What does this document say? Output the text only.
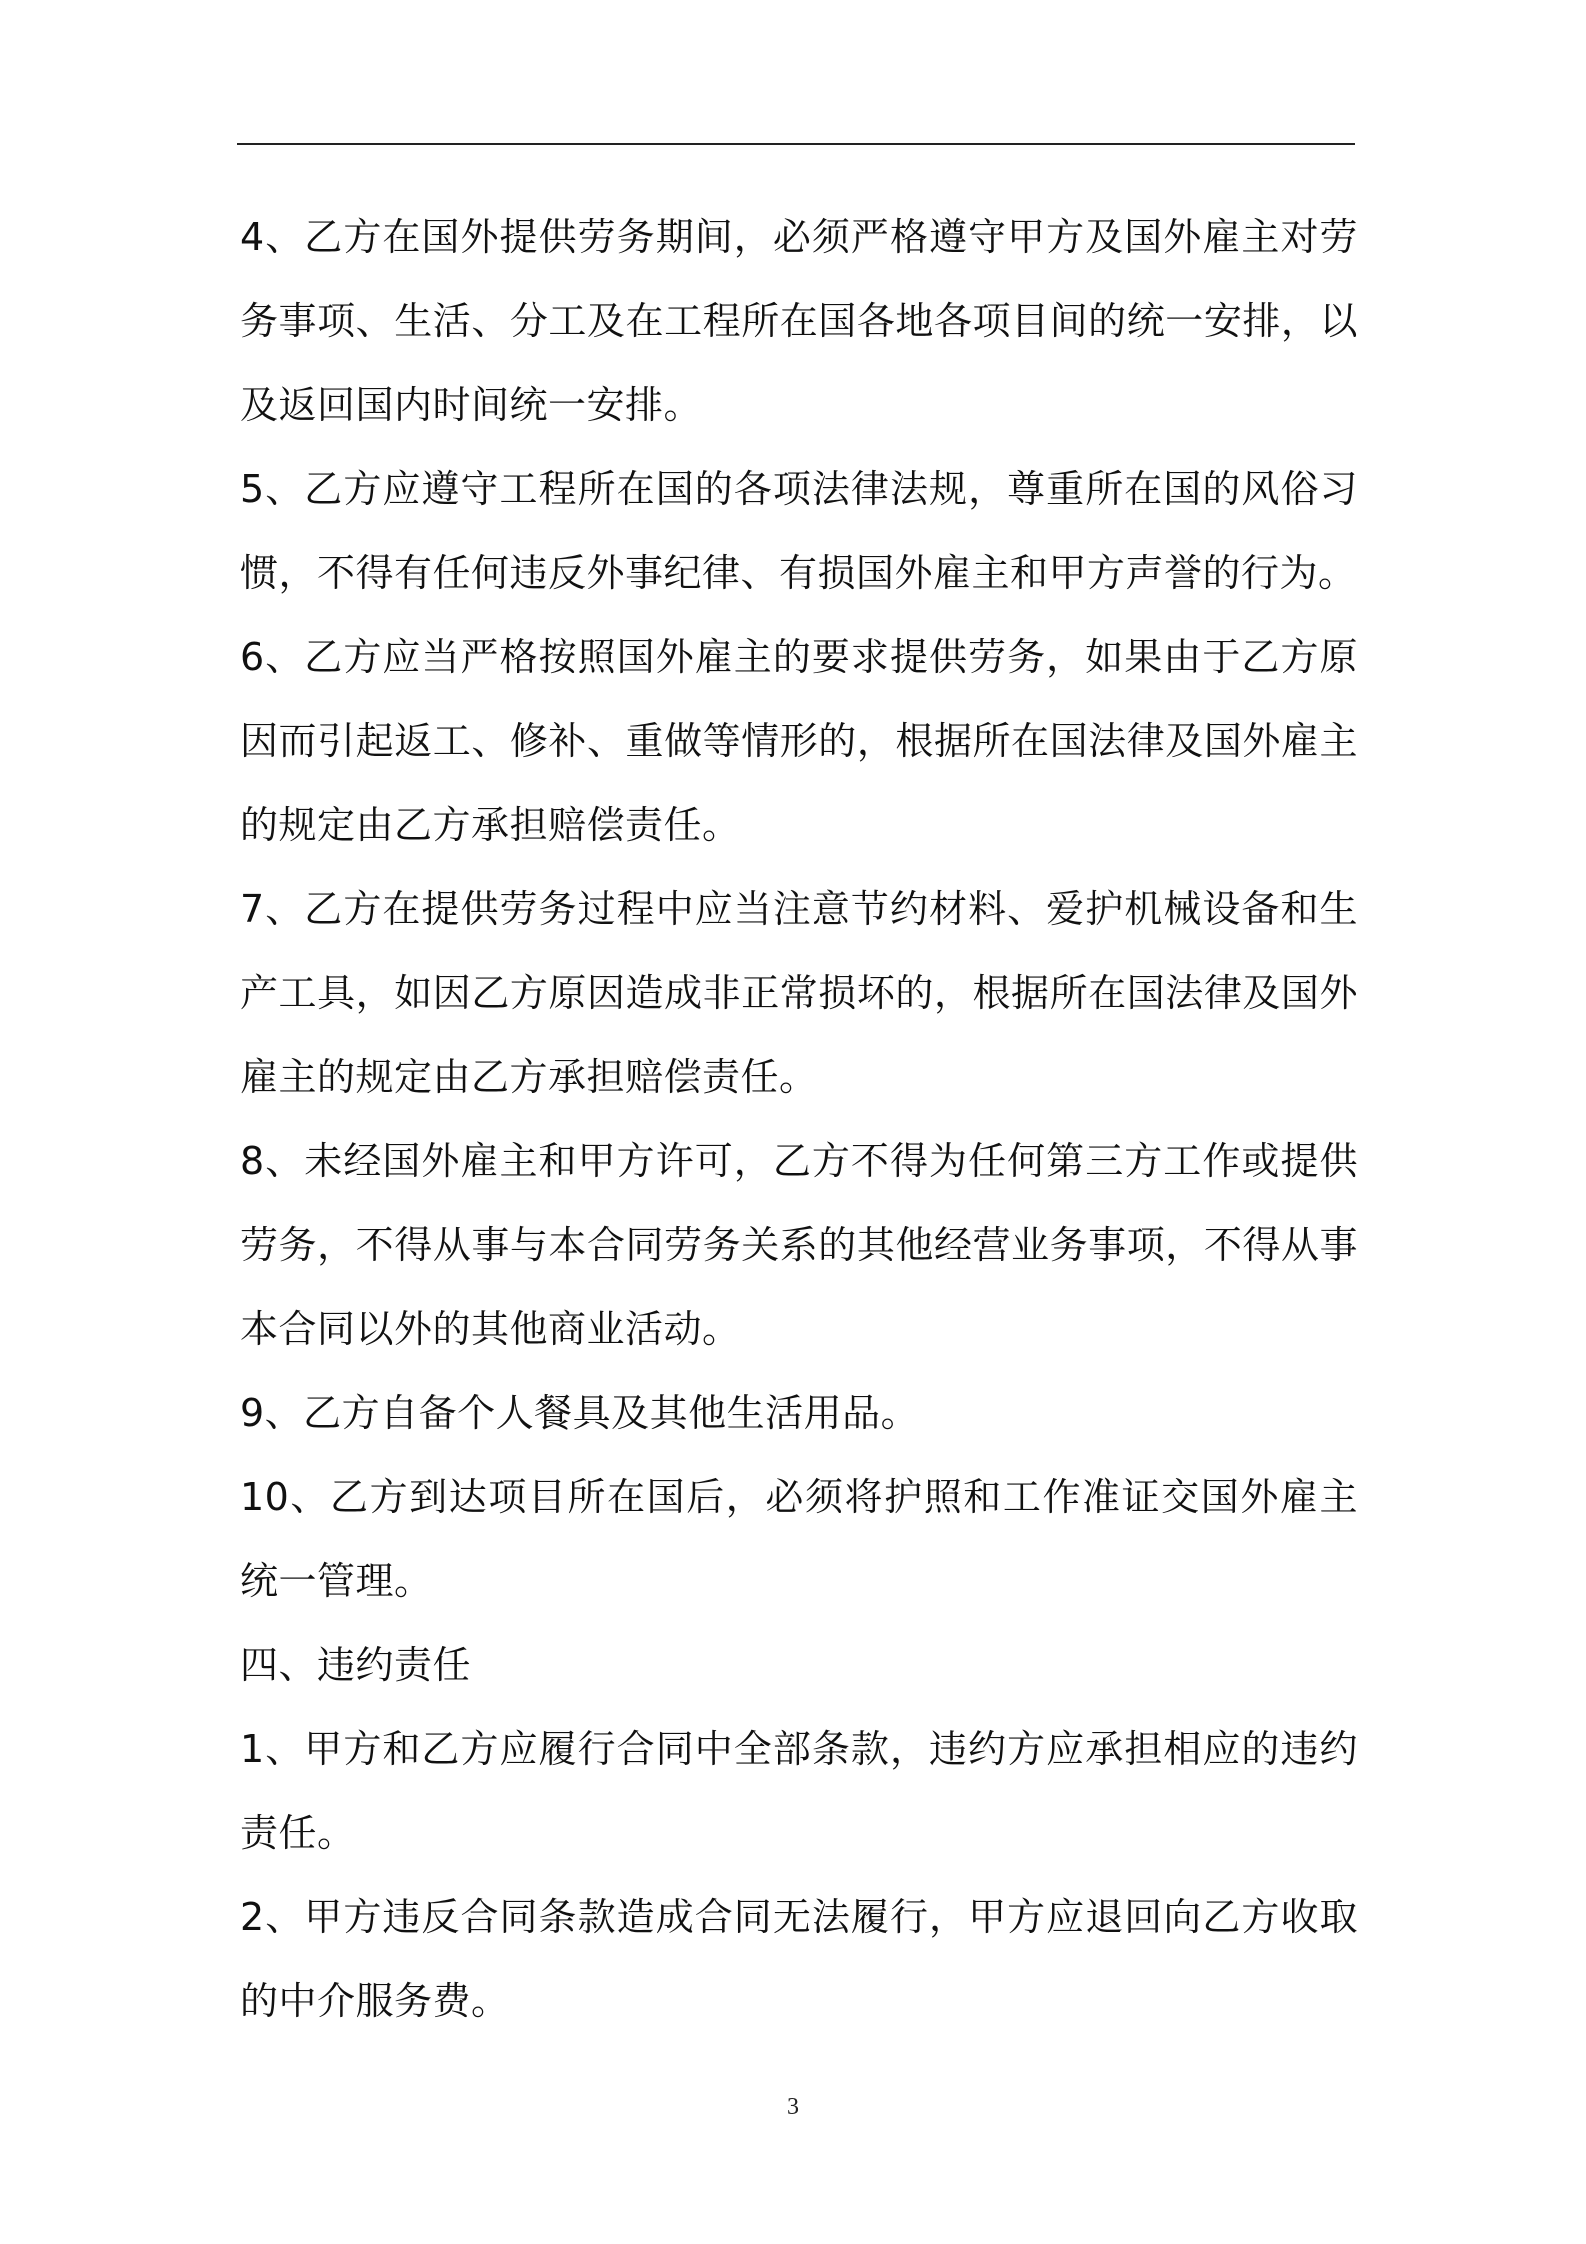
4、乙方在国外提供劳务期间，必须严格遵守甲方及国外雇主对劳务事项、生活、分工及在工程所在国各地各项目间的统一安排，以及返回国内时间统一安排。

5、乙方应遵守工程所在国的各项法律法规，尊重所在国的风俗习惯，不得有任何违反外事纪律、有损国外雇主和甲方声誉的行为。

6、乙方应当严格按照国外雇主的要求提供劳务，如果由于乙方原因而引起返工、修补、重做等情形的，根据所在国法律及国外雇主的规定由乙方承担赔偿责任。

7、乙方在提供劳务过程中应当注意节约材料、爱护机械设备和生产工具，如因乙方原因造成非正常损坏的，根据所在国法律及国外雇主的规定由乙方承担赔偿责任。

8、未经国外雇主和甲方许可，乙方不得为任何第三方工作或提供劳务，不得从事与本合同劳务关系的其他经营业务事项，不得从事本合同以外的其他商业活动。

9、乙方自备个人餐具及其他生活用品。

10、乙方到达项目所在国后，必须将护照和工作准证交国外雇主统一管理。

四、违约责任

1、甲方和乙方应履行合同中全部条款，违约方应承担相应的违约责任。

2、甲方违反合同条款造成合同无法履行，甲方应退回向乙方收取的中介服务费。

3
